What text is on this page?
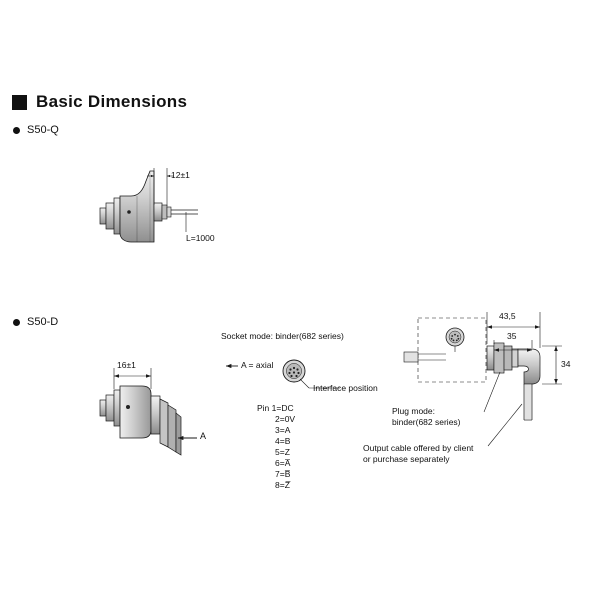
Basic Dimensions
S50-Q
S50-D
12±1
L=1000
16±1
A
Socket mode: binder(682 series)
A = axial
Interface position
Pin 1=DC
2=0V
3=A
4=B
5=Z
6=A̅
7=B̅
8=Z̅
Plug mode:
binder(682 series)
Output cable offered by client
or purchase separately
43,5
35
34
